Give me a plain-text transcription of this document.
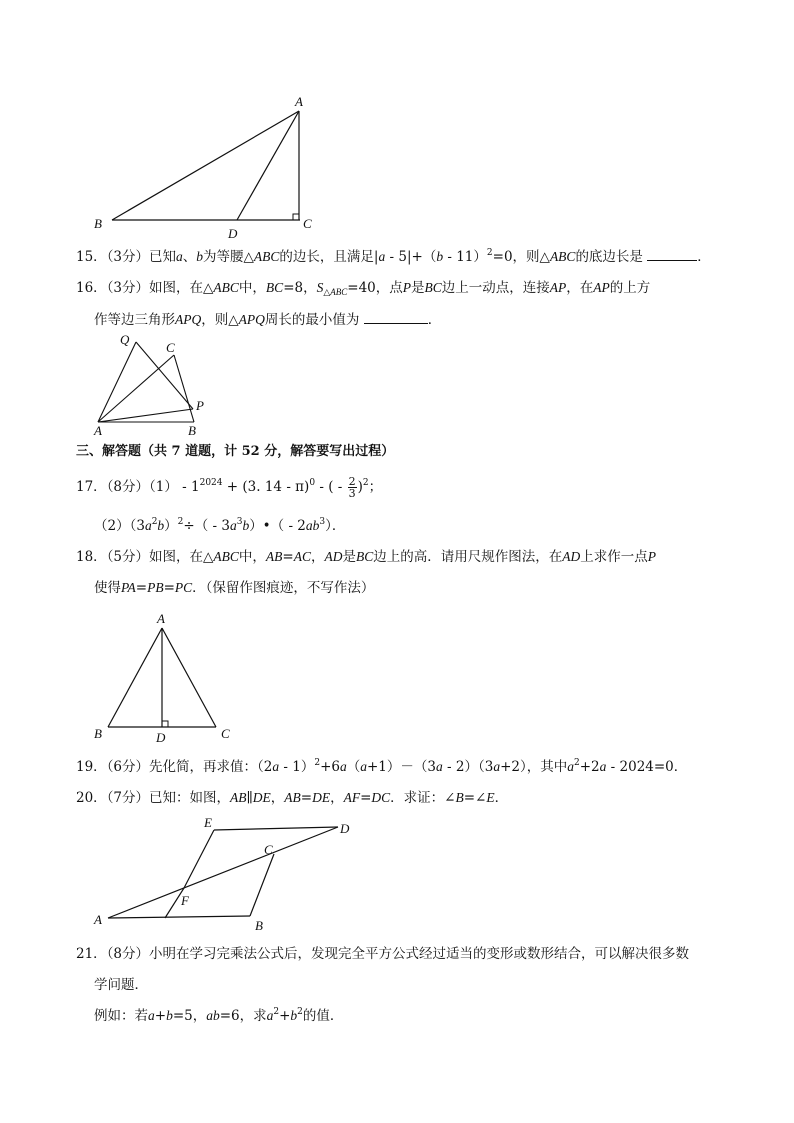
A
B	C
D
15．（3分）已知a、b为等腰△ABC的边长，且满足|a - 5|+（b - 11）$^2$=0，则△ABC的底边长是	．
16．（3分）如图，在△ABC中，BC=8，$S_{\triangle ABC}=40$，点P是BC边上一动点，连接AP，在AP的上方
作等边三角形APQ，则△APQ周长的最小值为	．
Q
C
P
A	B
三、解答题（共 7 道题，计 52 分，解答要写出过程）
17．（8分）$(1) - 1^{2024} + (3$. 14 - π)$^0$ - ( - $\frac{2}{3} )^2$；
$(2)(3a^2b)^2\div$（ - $3a^3b)•( - 2ab^3)$．
18．（5分）如图，在△ABC中，AB=AC，AD是BC边上的高．请用尺规作图法，在AD上求作一点P
使得PA=PB=PC．（保留作图痕迹，不写作法）
A
B	C
D
19．（6分）先化简，再求值：（2a - 1）$^2$+6a（a+1）－（3a - 2）（3a+2），其中$a^2+2a - 2024=0$．
20．（7分）已知：如图，AB∥DE，AB=DE，AF=DC．求证：∠B=∠E．
E	D
C
F
A	B
21．（8分）小明在学习完乘法公式后，发现完全平方公式经过适当的变形或数形结合，可以解决很多数
学问题．
例如：若a+b=5，ab=6，求$a^2+b^2$的值．
